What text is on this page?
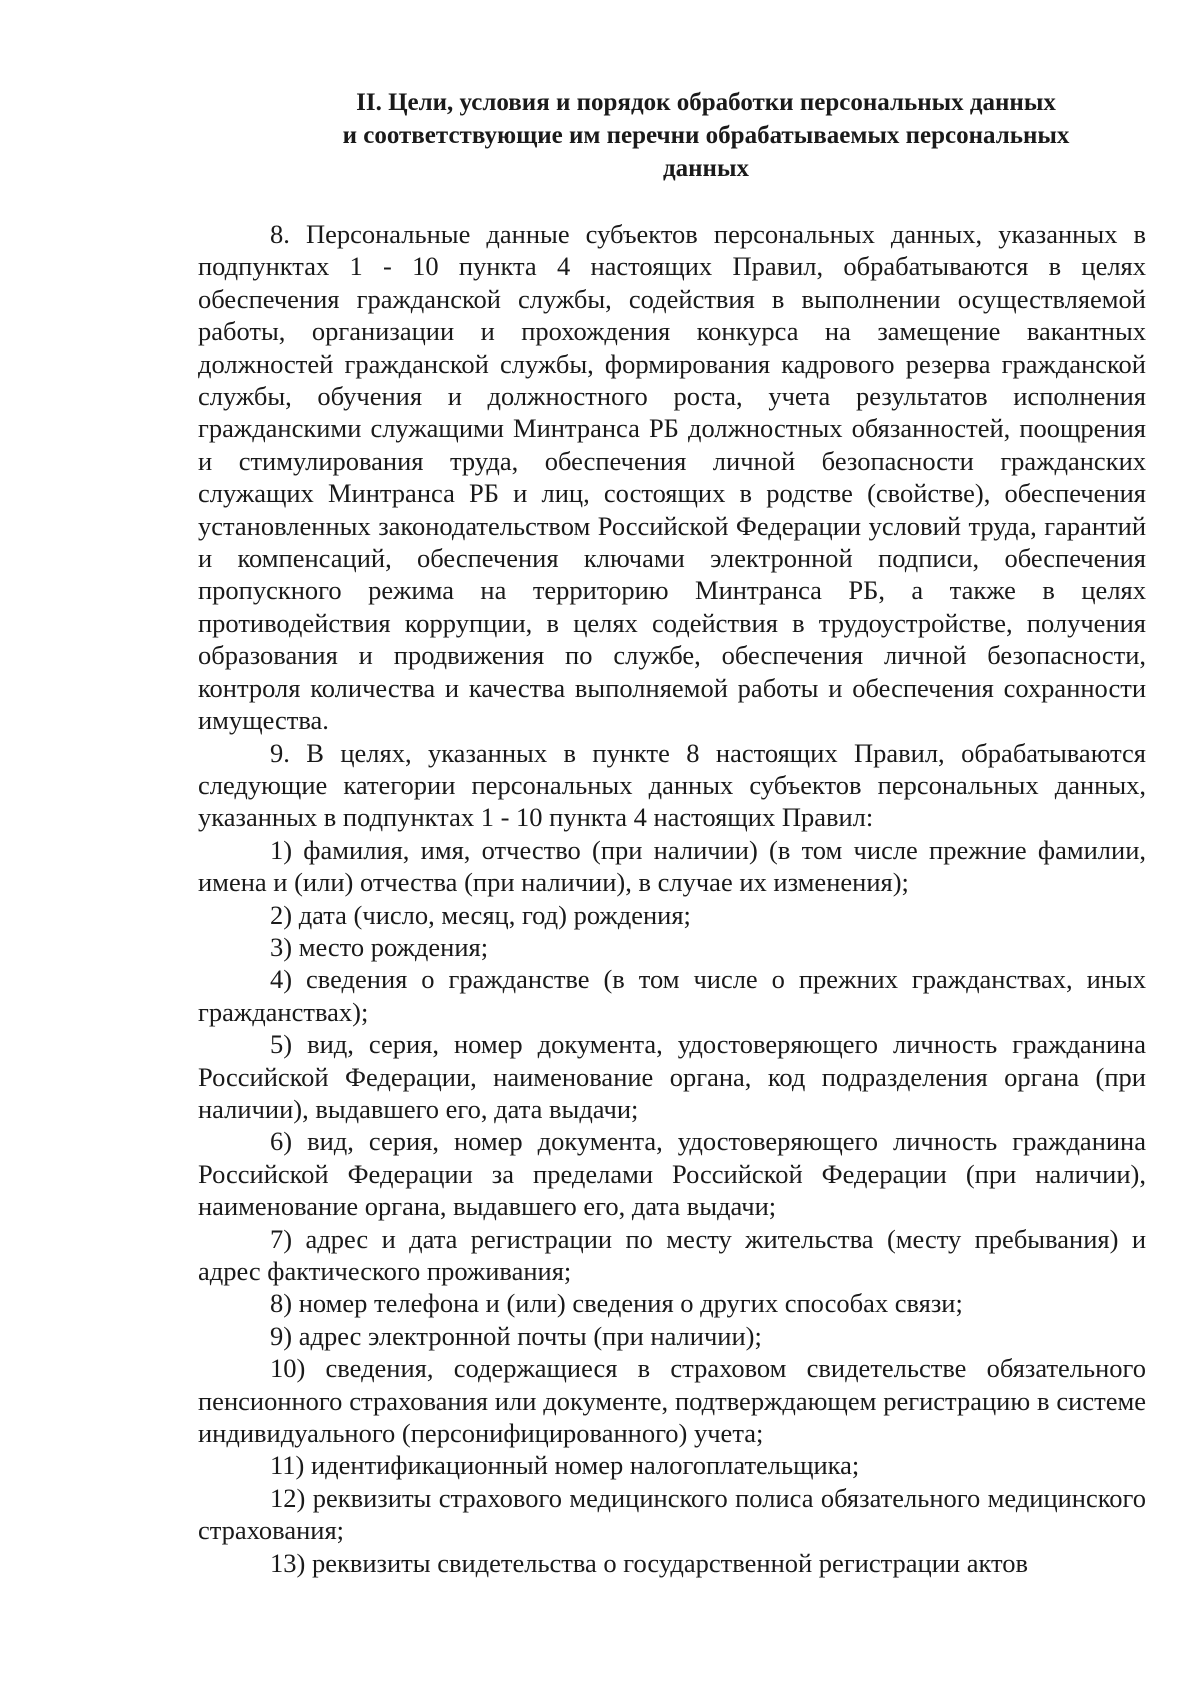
II. Цели, условия и порядок обработки персональных данных
и соответствующие им перечни обрабатываемых персональных
данных

8. Персональные данные субъектов персональных данных, указанных в подпунктах 1 - 10 пункта 4 настоящих Правил, обрабатываются в целях обеспечения гражданской службы, содействия в выполнении осуществляемой работы, организации и прохождения конкурса на замещение вакантных должностей гражданской службы, формирования кадрового резерва гражданской службы, обучения и должностного роста, учета результатов исполнения гражданскими служащими Минтранса РБ должностных обязанностей, поощрения и стимулирования труда, обеспечения личной безопасности гражданских служащих Минтранса РБ и лиц, состоящих в родстве (свойстве), обеспечения установленных законодательством Российской Федерации условий труда, гарантий и компенсаций, обеспечения ключами электронной подписи, обеспечения пропускного режима на территорию Минтранса РБ, а также в целях противодействия коррупции, в целях содействия в трудоустройстве, получения образования и продвижения по службе, обеспечения личной безопасности, контроля количества и качества выполняемой работы и обеспечения сохранности имущества.

9. В целях, указанных в пункте 8 настоящих Правил, обрабатываются следующие категории персональных данных субъектов персональных данных, указанных в подпунктах 1 - 10 пункта 4 настоящих Правил:

1) фамилия, имя, отчество (при наличии) (в том числе прежние фамилии, имена и (или) отчества (при наличии), в случае их изменения);

2) дата (число, месяц, год) рождения;

3) место рождения;

4) сведения о гражданстве (в том числе о прежних гражданствах, иных гражданствах);

5) вид, серия, номер документа, удостоверяющего личность гражданина Российской Федерации, наименование органа, код подразделения органа (при наличии), выдавшего его, дата выдачи;

6) вид, серия, номер документа, удостоверяющего личность гражданина Российской Федерации за пределами Российской Федерации (при наличии), наименование органа, выдавшего его, дата выдачи;

7) адрес и дата регистрации по месту жительства (месту пребывания) и адрес фактического проживания;

8) номер телефона и (или) сведения о других способах связи;

9) адрес электронной почты (при наличии);

10) сведения, содержащиеся в страховом свидетельстве обязательного пенсионного страхования или документе, подтверждающем регистрацию в системе индивидуального (персонифицированного) учета;

11) идентификационный номер налогоплательщика;

12) реквизиты страхового медицинского полиса обязательного медицинского страхования;

13) реквизиты свидетельства о государственной регистрации актов
